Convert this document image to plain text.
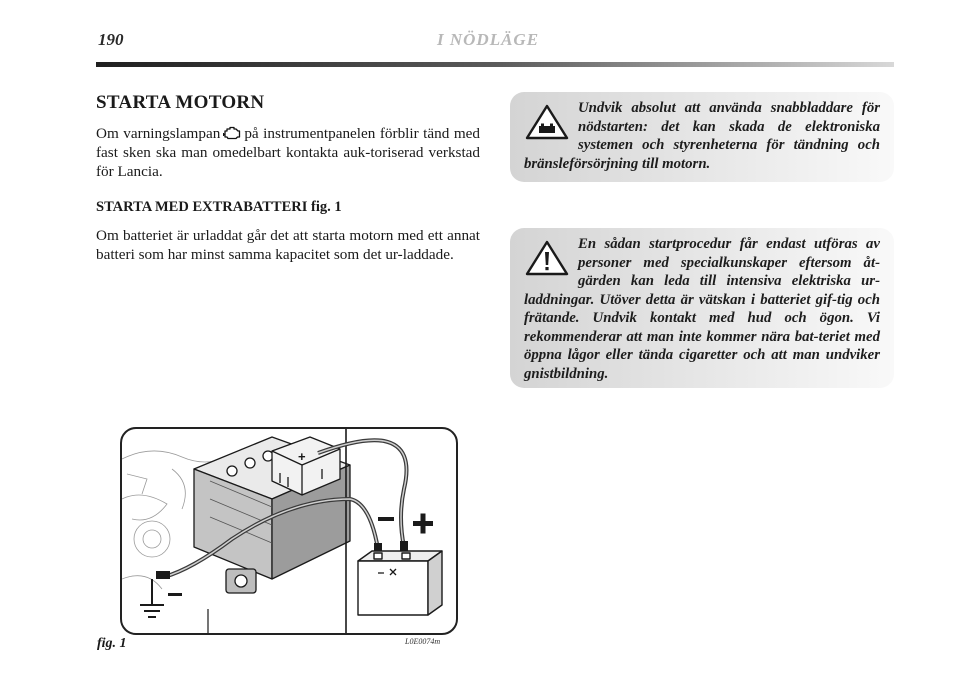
190	I NÖDLÄGE
STARTA MOTORN
Om varningslampan på instrumentpanelen förblir tänd med fast sken ska man omedelbart kontakta auk-toriserad verkstad för Lancia.
STARTA MED EXTRABATTERI fig. 1
Om batteriet är urladdat går det att starta motorn med ett annat batteri som har minst samma kapacitet som det ur-laddade.
Undvik absolut att använda snabbladdare för nödstarten: det kan skada de elektroniska systemen och styrenheterna för tändning och bränsleförsörjning till motorn.
En sådan startprocedur får endast utföras av personer med specialkunskaper eftersom åt-gärden kan leda till intensiva elektriska ur-laddningar. Utöver detta är vätskan i batteriet gif-tig och frätande. Undvik kontakt med hud och ögon. Vi rekommenderar att man inte kommer nära bat-teriet med öppna lågor eller tända cigaretter och att man undviker gnistbildning.
+
fig. 1	L0E0074m
